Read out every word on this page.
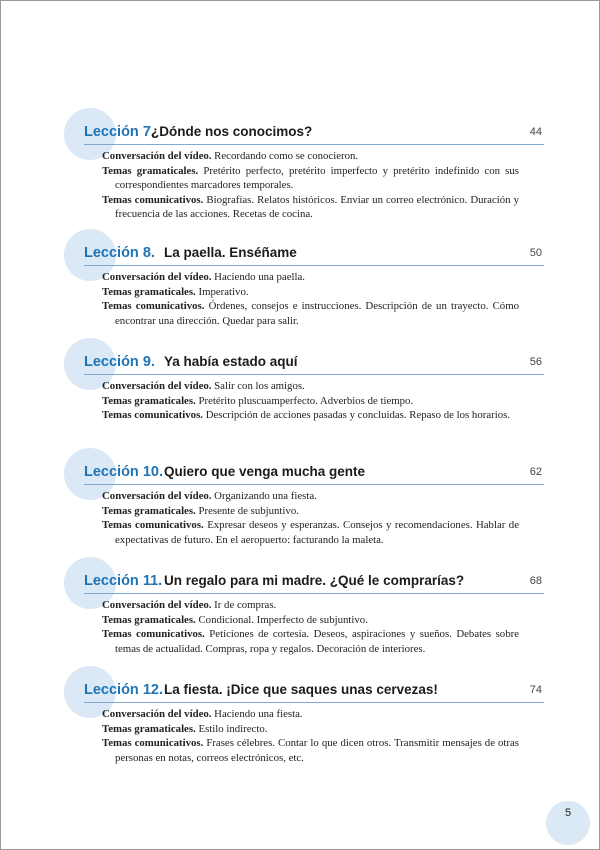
Lección 7.
¿Dónde nos conocimos?	44

Conversación del vídeo. Recordando como se conocieron.

Temas gramaticales. Pretérito perfecto, pretérito imperfecto y pretérito indefinido con sus correspondientes marcadores temporales.

Temas comunicativos. Biografías. Relatos históricos. Enviar un correo electrónico. Duración y frecuencia de las acciones. Recetas de cocina.

Lección 8. La paella. Enséñame	50

Conversación del vídeo. Haciendo una paella.

Temas gramaticales. Imperativo.

Temas comunicativos. Órdenes, consejos e instrucciones. Descripción de un trayecto. Cómo encontrar una dirección. Quedar para salir.

Lección 9. Ya había estado aquí	56

Conversación del vídeo. Salir con los amigos.

Temas gramaticales. Pretérito pluscuamperfecto. Adverbios de tiempo.

Temas comunicativos. Descripción de acciones pasadas y concluidas. Repaso de los horarios.

Lección 10. Quiero que venga mucha gente	62

Conversación del vídeo. Organizando una fiesta.

Temas gramaticales. Presente de subjuntivo.

Temas comunicativos. Expresar deseos y esperanzas. Consejos y recomendaciones. Hablar de expectativas de futuro. En el aeropuerto: facturando la maleta.

Lección 11. Un regalo para mi madre. ¿Qué le comprarías?	68

Conversación del vídeo. Ir de compras.

Temas gramaticales. Condicional. Imperfecto de subjuntivo.

Temas comunicativos. Peticiones de cortesía. Deseos, aspiraciones y sueños. Debates sobre temas de actualidad. Compras, ropa y regalos. Decoración de interiores.

Lección 12. La fiesta. ¡Dice que saques unas cervezas!	74

Conversación del vídeo. Haciendo una fiesta.

Temas gramaticales. Estilo indirecto.

Temas comunicativos. Frases célebres. Contar lo que dicen otros. Transmitir mensajes de otras personas en notas, correos electrónicos, etc.

5
